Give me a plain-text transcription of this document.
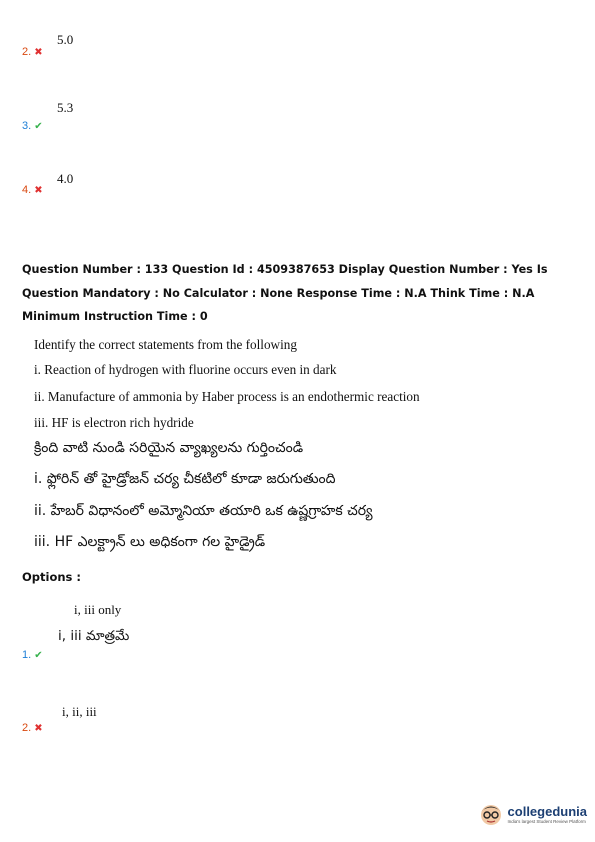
5.0
2. ✖
5.3
3. ✔
4.0
4. ✖
Question Number : 133 Question Id : 4509387653 Display Question Number : Yes Is Question Mandatory : No Calculator : None Response Time : N.A Think Time : N.A Minimum Instruction Time : 0
Identify the correct statements from the following
i. Reaction of hydrogen with fluorine occurs even in dark
ii. Manufacture of ammonia by Haber process is an endothermic reaction
iii. HF is electron rich hydride
క్రింది వాటి నుండి సరియైన వ్యాఖ్యలను గుర్తించండి
i. ఫ్లోరిన్ తో హైడ్రోజన్ చర్య చీకటిలో కూడా జరుగుతుంది
ii. హేబర్ విధానంలో అమ్మోనియా తయారి ఒక ఉష్ణగ్రాహక చర్య
iii. HF ఎలక్ట్రాన్ లు అధికంగా గల హైడ్రైడ్
Options :
i, iii only
i, iii మాత్రమే
1. ✔
i, ii, iii
2. ✖
collegedunia
India's largest Student Review Platform
